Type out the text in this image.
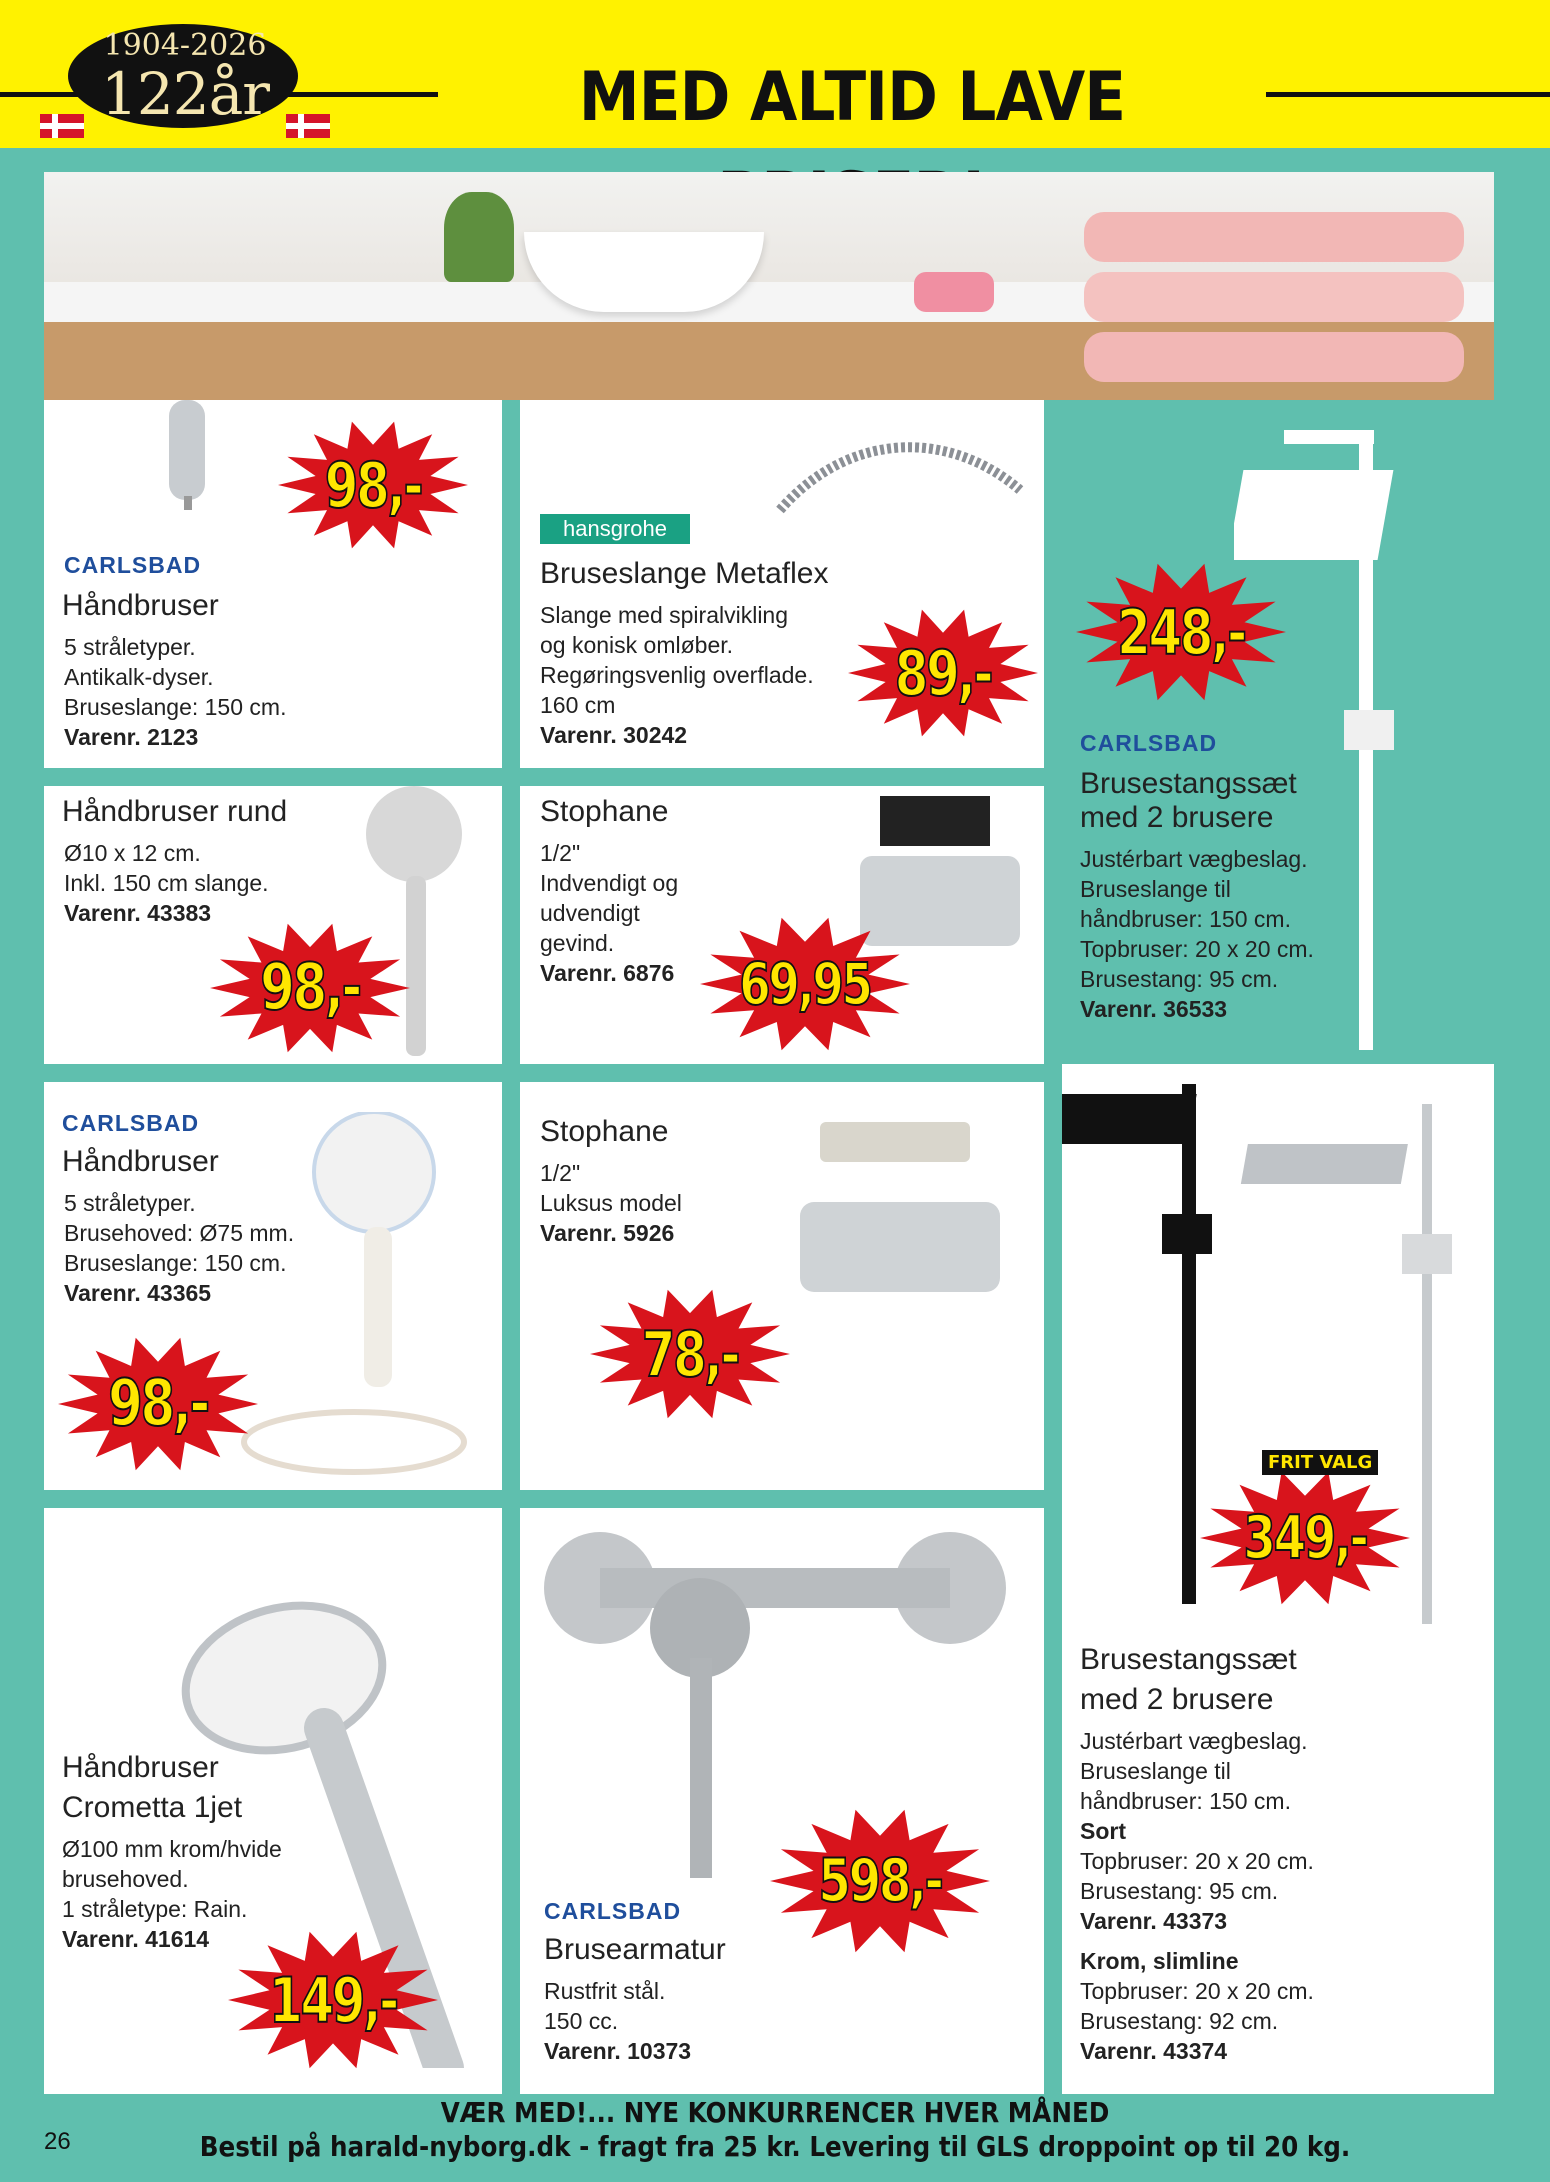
1904-2026
122år	MED ALTID LAVE
CARLSBAD
Håndbruser
5 stråletyper.
Antikalk-dyser.
Bruseslange: 150 cm.
Varenr. 2123
hansgrohe
Bruseslange Metaflex
Slange med spiralvikling
og konisk omløber.
Regøringsvenlig overflade.
160 cm
Varenr. 30242	CARLSBAD
Brusestangssæt
med 2 brusere
Justérbart vægbeslag.
Bruseslange til
håndbruser: 150 cm.
Topbruser: 20 x 20 cm.
Brusestang: 95 cm.
Varenr. 36533
Håndbruser rund
Ø10 x 12 cm.
Inkl. 150 cm slange.
Varenr. 43383
Stophane
1/2"
Indvendigt og
udvendigt
gevind.
Varenr. 6876
CARLSBAD
Håndbruser
5 stråletyper.
Brusehoved: Ø75 mm.
Bruseslange: 150 cm.
Varenr. 43365
Stophane
1/2"
Luksus model
Varenr. 5926
Brusestangssæt
med 2 brusere
Justérbart vægbeslag.
Bruseslange til
håndbruser: 150 cm.
Sort
Topbruser: 20 x 20 cm.
Brusestang: 95 cm.
Varenr. 43373
Krom, slimline
Topbruser: 20 x 20 cm.
Brusestang: 92 cm.
Varenr. 43374
Håndbruser
Crometta 1jet
Ø100 mm krom/hvide
brusehoved.
1 stråletype: Rain.
Varenr. 41614
CARLSBAD
Brusearmatur
Rustfrit stål.
150 cc.
Varenr. 10373
98,-
89,-
248,-
98,-	69,95
98,-
78,-
349,-
FRIT VALG
149,-
598,-
VÆR MED!... NYE KONKURRENCER HVER MÅNED
Bestil på harald-nyborg.dk - fragt fra 25 kr. Levering til GLS droppoint op til 20 kg.
26
